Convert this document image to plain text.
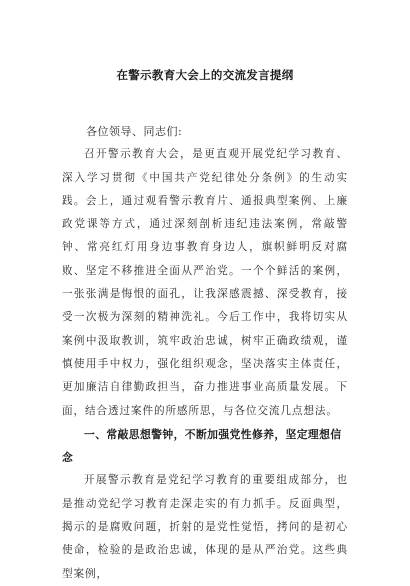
在警示教育大会上的交流发言提纲

各位领导、同志们:

召开警示教育大会，是更直观开展党纪学习教育、深入学习贯彻《中国共产党纪律处分条例》的生动实践。会上，通过观看警示教育片、通报典型案例、上廉政党课等方式，通过深刻剖析违纪违法案例，常敲警钟、常亮红灯用身边事教育身边人，旗帜鲜明反对腐败、坚定不移推进全面从严治党。一个个鲜活的案例，一张张满是悔恨的面孔，让我深感震撼、深受教育，接受一次极为深刻的精神洗礼。今后工作中，我将切实从案例中汲取教训，筑牢政治忠诚，树牢正确政绩观，谨慎使用手中权力，强化组织观念，坚决落实主体责任，更加廉洁自律勤政担当，奋力推进事业高质量发展。下面，结合透过案件的所感所思，与各位交流几点想法。

一、常敲思想警钟，不断加强党性修养，坚定理想信念

开展警示教育是党纪学习教育的重要组成部分，也是推动党纪学习教育走深走实的有力抓手。反面典型，揭示的是腐败问题，折射的是党性觉悟，拷问的是初心使命，检验的是政治忠诚，体现的是从严治党。这些典型案例，
